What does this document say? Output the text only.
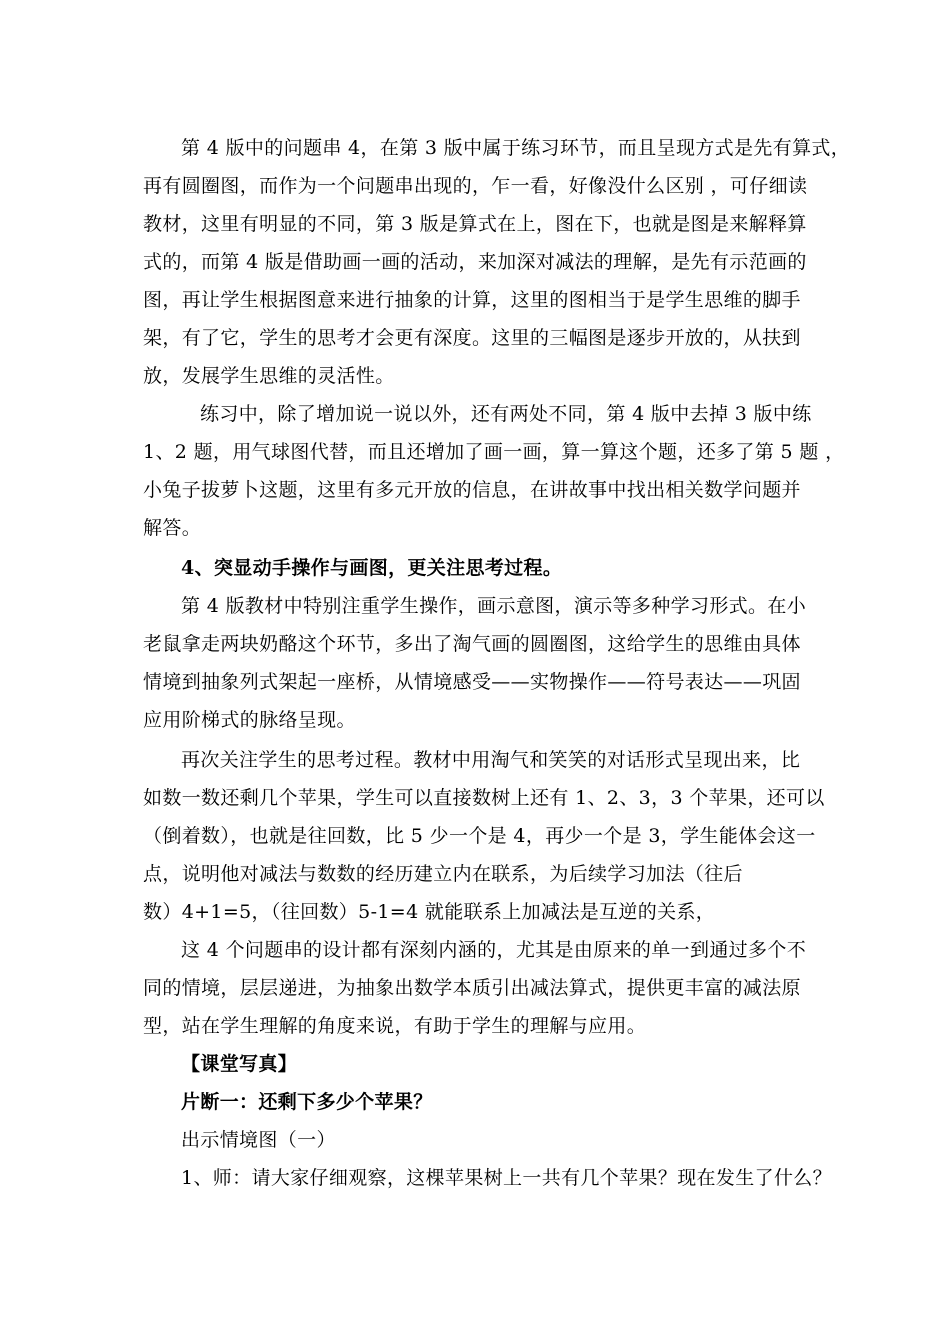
第 4 版中的问题串 4，在第 3 版中属于练习环节，而且呈现方式是先有算式，
再有圆圈图，而作为一个问题串出现的，乍一看，好像没什么区别 ，可仔细读
教材，这里有明显的不同，第 3 版是算式在上，图在下，也就是图是来解释算
式的，而第 4 版是借助画一画的活动，来加深对减法的理解，是先有示范画的
图，再让学生根据图意来进行抽象的计算，这里的图相当于是学生思维的脚手
架，有了它，学生的思考才会更有深度。这里的三幅图是逐步开放的，从扶到
放，发展学生思维的灵活性。
练习中，除了增加说一说以外，还有两处不同，第 4 版中去掉 3 版中练
1、2 题，用气球图代替，而且还增加了画一画，算一算这个题，还多了第 5 题 ，
小兔子拔萝卜这题，这里有多元开放的信息，在讲故事中找出相关数学问题并
解答。
4、突显动手操作与画图，更关注思考过程。
第 4 版教材中特别注重学生操作，画示意图，演示等多种学习形式。在小
老鼠拿走两块奶酪这个环节，多出了淘气画的圆圈图，这给学生的思维由具体
情境到抽象列式架起一座桥，从情境感受——实物操作——符号表达——巩固
应用阶梯式的脉络呈现。
再次关注学生的思考过程。教材中用淘气和笑笑的对话形式呈现出来，比
如数一数还剩几个苹果，学生可以直接数树上还有 1、2、3，3 个苹果，还可以
（倒着数），也就是往回数，比 5 少一个是 4，再少一个是 3，学生能体会这一
点，说明他对减法与数数的经历建立内在联系，为后续学习加法（往后
数）4+1=5，（往回数）5-1=4 就能联系上加减法是互逆的关系，
这 4 个问题串的设计都有深刻内涵的，尤其是由原来的单一到通过多个不
同的情境，层层递进，为抽象出数学本质引出减法算式，提供更丰富的减法原
型，站在学生理解的角度来说，有助于学生的理解与应用。
【课堂写真】
片断一：还剩下多少个苹果？
出示情境图（一）
1、师：请大家仔细观察，这棵苹果树上一共有几个苹果？现在发生了什么？
